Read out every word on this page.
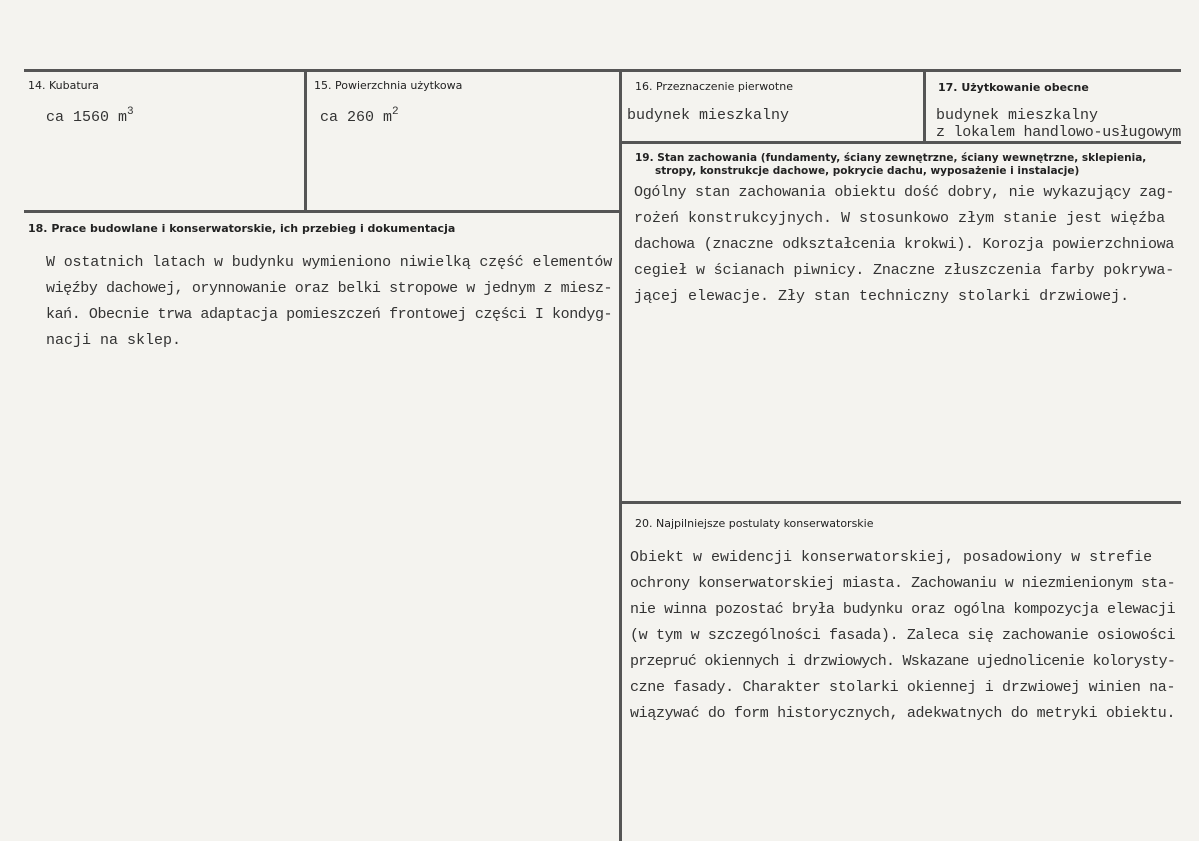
14. Kubatura
ca 1560 $m^3$
15. Powierzchnia użytkowa
ca 260 $m^2$
16. Przeznaczenie pierwotne
budynek mieszkalny
17. Użytkowanie obecne
budynek mieszkalny
z lokalem handlowo-usługowym
18. Prace budowlane i konserwatorskie, ich przebieg i dokumentacja
W ostatnich latach w budynku wymieniono niwielką część elementów
więźby dachowej, orynnowanie oraz belki stropowe w jednym z miesz-
kań. Obecnie trwa adaptacja pomieszczeń frontowej części I kondyg-
nacji na sklep.
19. Stan zachowania (fundamenty, ściany zewnętrzne, ściany wewnętrzne, sklepienia,
stropy, konstrukcje dachowe, pokrycie dachu, wyposażenie i instalacje)
Ogólny stan zachowania obiektu dość dobry, nie wykazujący zag-
rożeń konstrukcyjnych. W stosunkowo złym stanie jest więźba
dachowa (znaczne odkształcenia krokwi). Korozja powierzchniowa
cegieł w ścianach piwnicy. Znaczne złuszczenia farby pokrywa-
jącej elewacje. Zły stan techniczny stolarki drzwiowej.
20. Najpilniejsze postulaty konserwatorskie
Obiekt w ewidencji konserwatorskiej, posadowiony w strefie
ochrony konserwatorskiej miasta. Zachowaniu w niezmienionym sta-
nie winna pozostać bryła budynku oraz ogólna kompozycja elewacji
(w tym w szczególności fasada). Zaleca się zachowanie osiowości
przepruć okiennych i drzwiowych. Wskazane ujednolicenie kolorysty-
czne fasady. Charakter stolarki okiennej i drzwiowej winien na-
wiązywać do form historycznych, adekwatnych do metryki obiektu.
